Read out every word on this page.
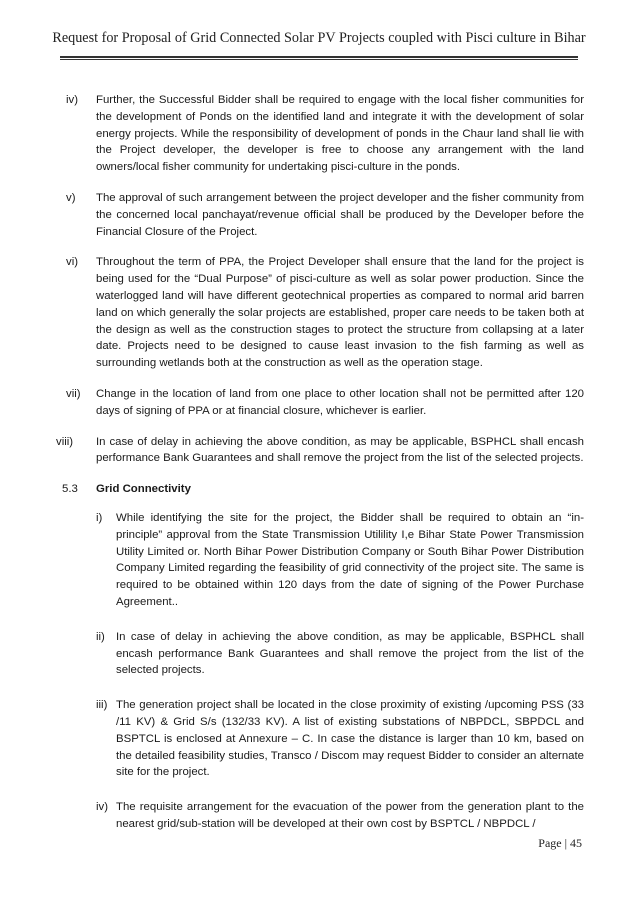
Request for Proposal of Grid Connected Solar PV Projects coupled with Pisci culture in Bihar
iv)	Further, the Successful Bidder shall be required to engage with the local fisher communities for the development of Ponds on the identified land and integrate it with the development of solar energy projects. While the responsibility of development of ponds in the Chaur land shall lie with the Project developer, the developer is free to choose any arrangement with the land owners/local fisher community for undertaking pisci-culture in the ponds.
v)	The approval of such arrangement between the project developer and the fisher community from the concerned local panchayat/revenue official shall be produced by the Developer before the Financial Closure of the Project.
vi)	Throughout the term of PPA, the Project Developer shall ensure that the land for the project is being used for the “Dual Purpose” of pisci-culture as well as solar power production. Since the waterlogged land will have different geotechnical properties as compared to normal arid barren land on which generally the solar projects are established, proper care needs to be taken both at the design as well as the construction stages to protect the structure from collapsing at a later date. Projects need to be designed to cause least invasion to the fish farming as well as surrounding wetlands both at the construction as well as the operation stage.
vii)	Change in the location of land from one place to other location shall not be permitted after 120 days of signing of PPA or at financial closure, whichever is earlier.
viii)	In case of delay in achieving the above condition, as may be applicable, BSPHCL shall encash performance Bank Guarantees and shall remove the project from the list of the selected projects.
5.3 Grid Connectivity
i) While identifying the site for the project, the Bidder shall be required to obtain an “in-principle” approval from the State Transmission Utilility I,e Bihar State Power Transmission Utility Limited or. North Bihar Power Distribution Company or South Bihar Power Distribution Company Limited regarding the feasibility of grid connectivity of the project site. The same is required to be obtained within 120 days from the date of signing of the Power Purchase Agreement..
ii) In case of delay in achieving the above condition, as may be applicable, BSPHCL shall encash performance Bank Guarantees and shall remove the project from the list of the selected projects.
iii) The generation project shall be located in the close proximity of existing /upcoming PSS (33 /11 KV) & Grid S/s (132/33 KV). A list of existing substations of NBPDCL, SBPDCL and BSPTCL is enclosed at Annexure – C. In case the distance is larger than 10 km, based on the detailed feasibility studies, Transco / Discom may request Bidder to consider an alternate site for the project.
iv) The requisite arrangement for the evacuation of the power from the generation plant to the nearest grid/sub-station will be developed at their own cost by BSPTCL / NBPDCL /
Page | 45
